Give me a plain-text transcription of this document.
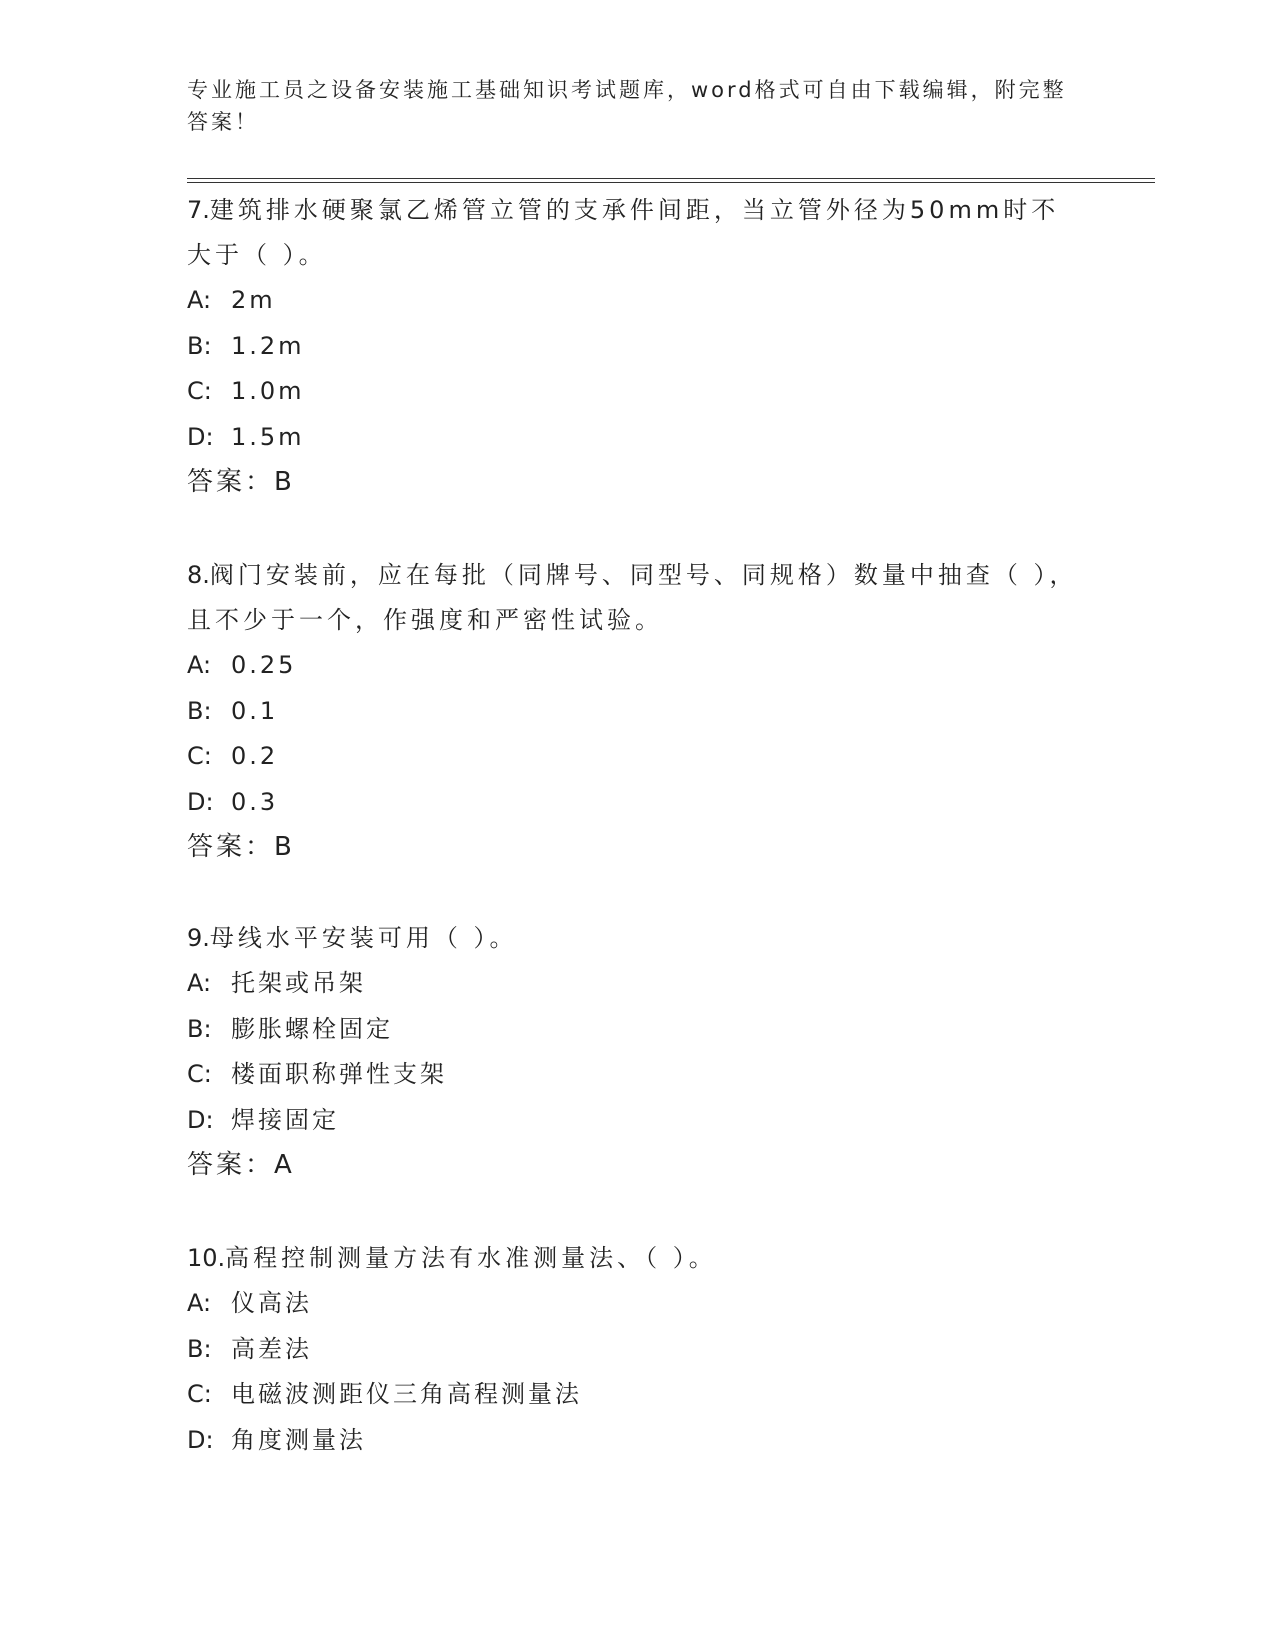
专业施工员之设备安装施工基础知识考试题库，word格式可自由下载编辑，附完整答案！

7.建筑排水硬聚氯乙烯管立管的支承件间距，当立管外径为50mm时不大于（ ）。

A: 2m
B: 1.2m
C: 1.0m
D: 1.5m
答案：B

8.阀门安装前，应在每批（同牌号、同型号、同规格）数量中抽查（ ），且不少于一个，作强度和严密性试验。

A: 0.25
B: 0.1
C: 0.2
D: 0.3
答案：B

9.母线水平安装可用（ ）。

A: 托架或吊架
B: 膨胀螺栓固定
C: 楼面职称弹性支架
D: 焊接固定
答案：A

10.高程控制测量方法有水准测量法、（ ）。

A: 仪高法
B: 高差法
C: 电磁波测距仪三角高程测量法
D: 角度测量法
